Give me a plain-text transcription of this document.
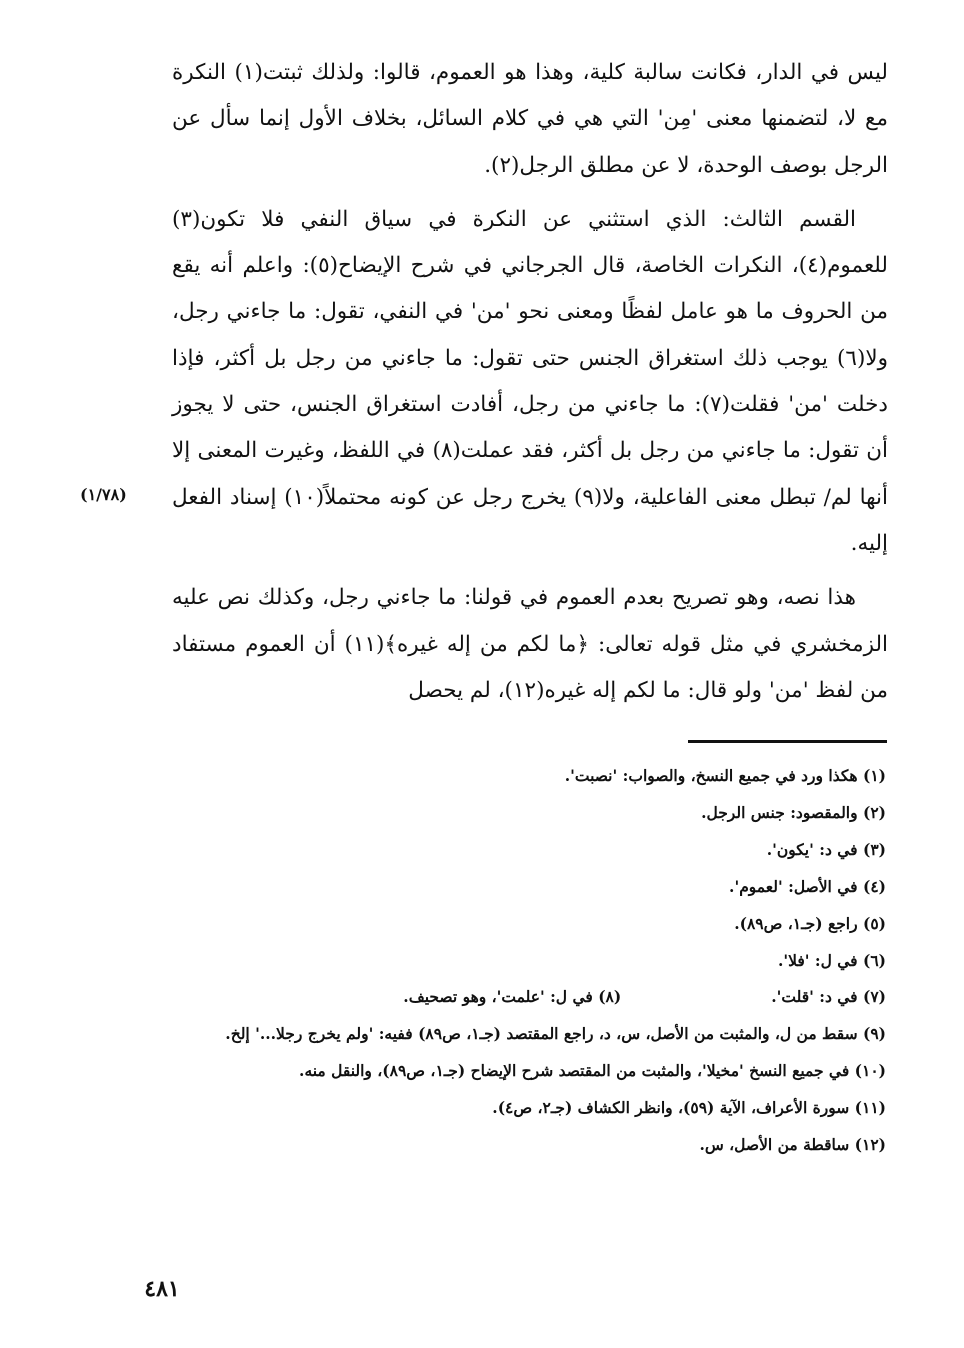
ليس في الدار، فكانت سالبة كلية، وهذا هو العموم، قالوا: ولذلك ثبتت(١) النكرة مع لا، لتضمنها معنى 'مِن' التي هي في كلام السائل، بخلاف الأول إنما سأل عن الرجل بوصف الوحدة، لا عن مطلق الرجل(٢).

القسم الثالث: الذي استثني عن النكرة في سياق النفي فلا تكون(٣) للعموم(٤)، النكرات الخاصة، قال الجرجاني في شرح الإيضاح(٥): واعلم أنه يقع من الحروف ما هو عامل لفظًا ومعنى نحو 'من' في النفي، تقول: ما جاءني رجل، ولا(٦) يوجب ذلك استغراق الجنس حتى تقول: ما جاءني من رجل بل أكثر، فإذا دخلت 'من' فقلت(٧): ما جاءني من رجل، أفادت استغراق الجنس، حتى لا يجوز أن تقول: ما جاءني من رجل بل أكثر، فقد عملت(٨) في اللفظ، وغيرت المعنى إلا أنها لم/ تبطل معنى الفاعلية، ولا(٩) يخرج رجل عن كونه محتملاً(١٠) إسناد الفعل إليه.

هذا نصه، وهو تصريح بعدم العموم في قولنا: ما جاءني رجل، وكذلك نص عليه الزمخشري في مثل قوله تعالى: ﴿ما لكم من إله غيره﴾(١١) أن العموم مستفاد من لفظ 'من' ولو قال: ما لكم إله غيره(١٢)، لم يحصل

(١/٧٨)
(١) هكذا ورد في جميع النسخ، والصواب: 'نصبت'.
(٢) والمقصود: جنس الرجل.
(٣) في د: 'يكون'.
(٤) في الأصل: 'لعموم'.
(٥) راجع (جـ١، ص٨٩).
(٦) في ل: 'فلا'.
(٧) في د: 'قلت'.
(٨) في ل: 'علمت'، وهو تصحيف.
(٩) سقط من ل، والمثبت من الأصل، س، د، راجع المقتصد (جـ١، ص٨٩) ففيه: 'ولم يخرج رجلا...' إلخ.
(١٠) في جميع النسخ 'مخيلا'، والمثبت من المقتصد شرح الإيضاح (جـ١، ص٨٩)، والنقل منه.
(١١) سورة الأعراف، الآية (٥٩)، وانظر الكشاف (جـ٢، ص٤).
(١٢) ساقطة من الأصل، س.
٤٨١
